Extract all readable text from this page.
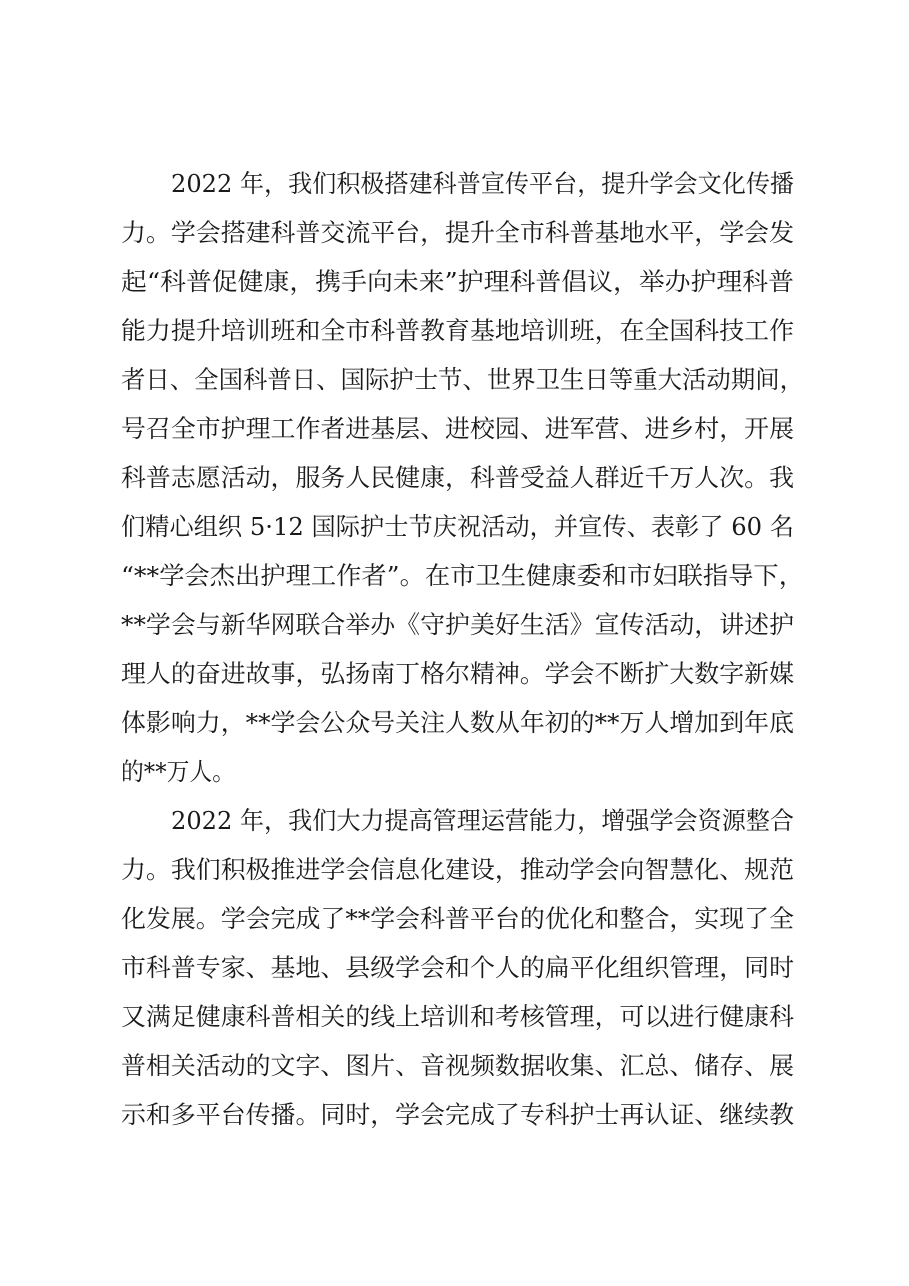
2022 年，我们积极搭建科普宣传平台，提升学会文化传播

力。学会搭建科普交流平台，提升全市科普基地水平，学会发

起“科普促健康，携手向未来”护理科普倡议，举办护理科普

能力提升培训班和全市科普教育基地培训班，在全国科技工作

者日、全国科普日、国际护士节、世界卫生日等重大活动期间，

号召全市护理工作者进基层、进校园、进军营、进乡村，开展

科普志愿活动，服务人民健康，科普受益人群近千万人次。我

们精心组织 5·12 国际护士节庆祝活动，并宣传、表彰了 60 名

“**学会杰出护理工作者”。在市卫生健康委和市妇联指导下，

**学会与新华网联合举办《守护美好生活》宣传活动，讲述护

理人的奋进故事，弘扬南丁格尔精神。学会不断扩大数字新媒

体影响力，**学会公众号关注人数从年初的**万人增加到年底

的**万人。

2022 年，我们大力提高管理运营能力，增强学会资源整合

力。我们积极推进学会信息化建设，推动学会向智慧化、规范

化发展。学会完成了**学会科普平台的优化和整合，实现了全

市科普专家、基地、县级学会和个人的扁平化组织管理，同时

又满足健康科普相关的线上培训和考核管理，可以进行健康科

普相关活动的文字、图片、音视频数据收集、汇总、储存、展

示和多平台传播。同时，学会完成了专科护士再认证、继续教
